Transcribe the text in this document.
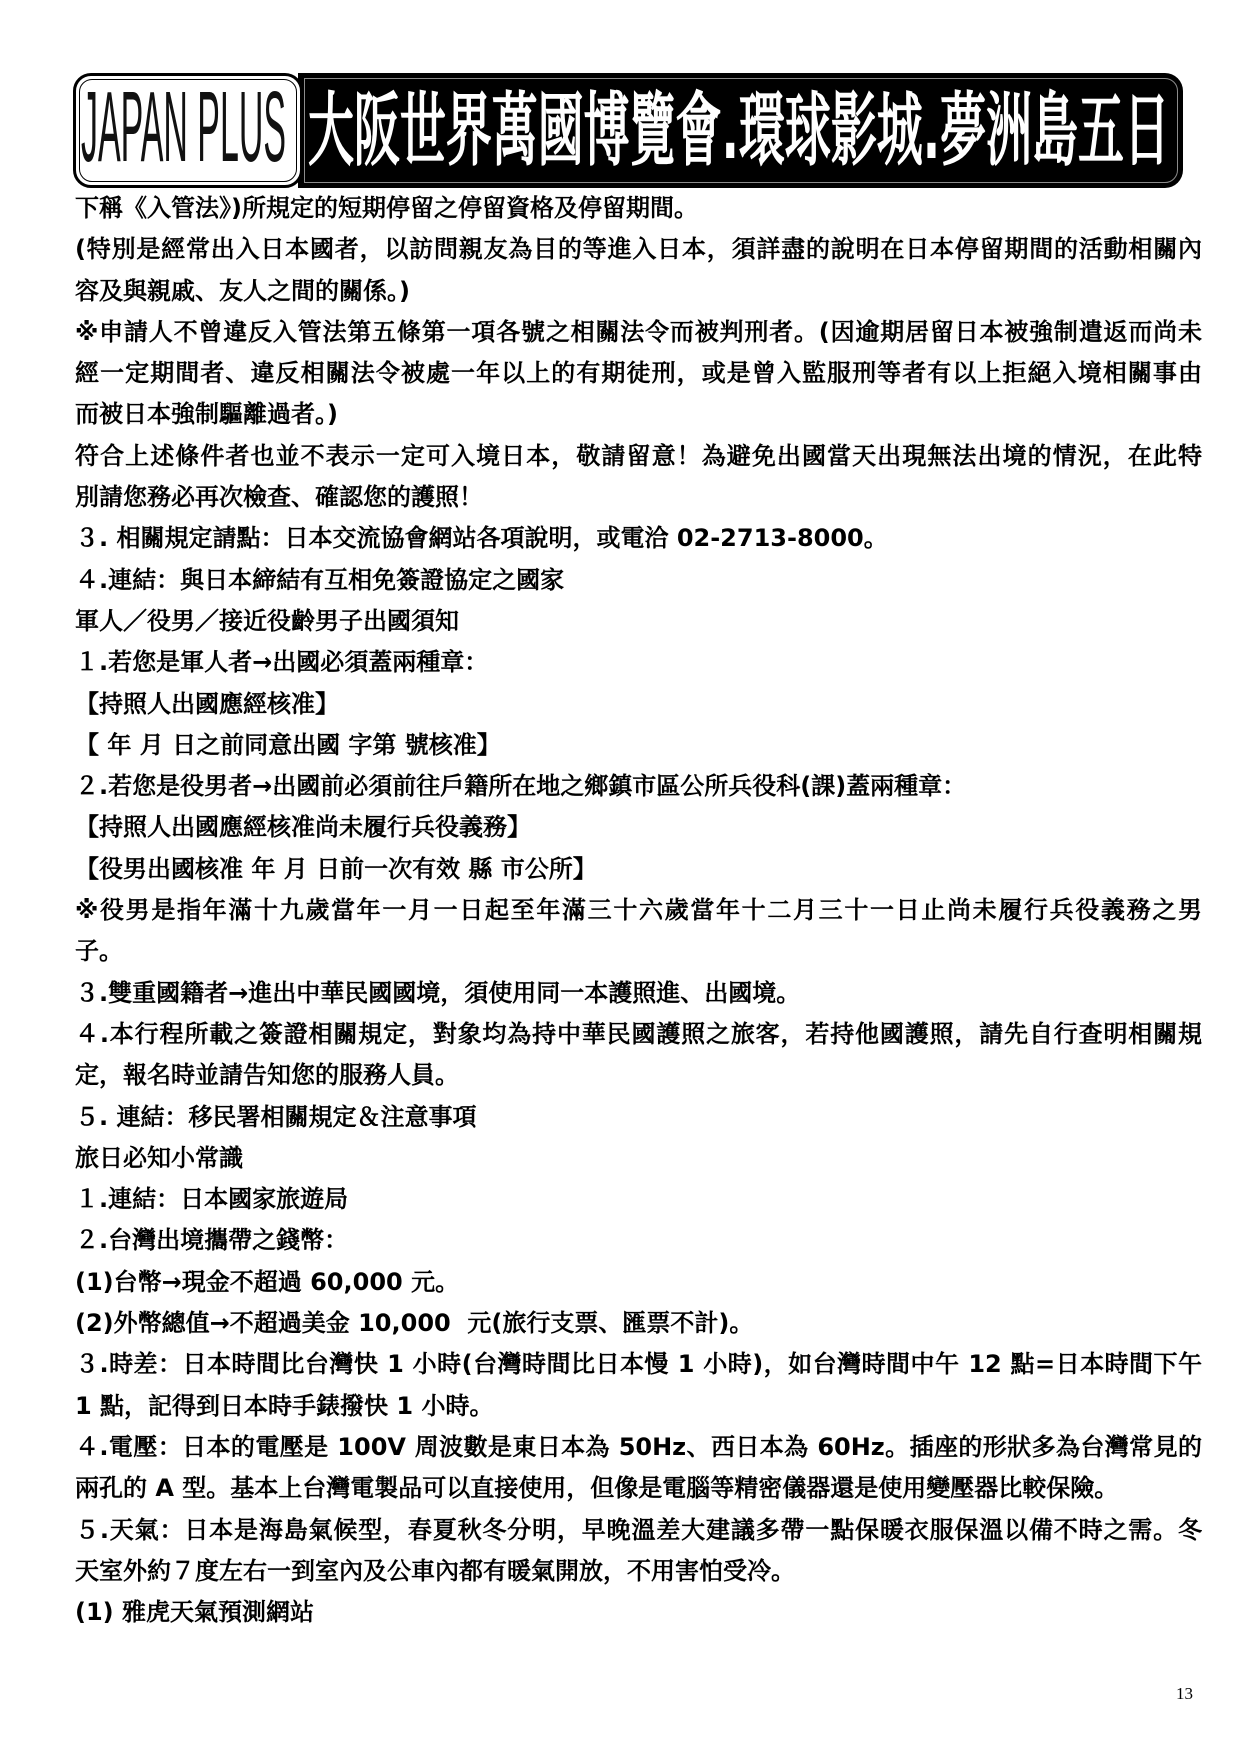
JAPAN PLUS 大阪世界萬國博覽會.環球影城.夢洲島五日
下稱《入管法》)所規定的短期停留之停留資格及停留期間。
(特別是經常出入日本國者，以訪問親友為目的等進入日本，須詳盡的說明在日本停留期間的活動相關內
容及與親戚、友人之間的關係。)
※申請人不曾違反入管法第五條第一項各號之相關法令而被判刑者。(因逾期居留日本被強制遣返而尚未
經一定期間者、違反相關法令被處一年以上的有期徒刑，或是曾入監服刑等者有以上拒絕入境相關事由
而被日本強制驅離過者。)
符合上述條件者也並不表示一定可入境日本，敬請留意！為避免出國當天出現無法出境的情況，在此特
別請您務必再次檢查、確認您的護照！
３. 相關規定請點：日本交流協會網站各項說明，或電洽 02-2713-8000。
４.連結：與日本締結有互相免簽證協定之國家
軍人／役男／接近役齡男子出國須知
１.若您是軍人者→出國必須蓋兩種章：
【持照人出國應經核准】
【 年 月 日之前同意出國 字第 號核准】
２.若您是役男者→出國前必須前往戶籍所在地之鄉鎮市區公所兵役科(課)蓋兩種章：
【持照人出國應經核准尚未履行兵役義務】
【役男出國核准 年 月 日前一次有效 縣 市公所】
※役男是指年滿十九歲當年一月一日起至年滿三十六歲當年十二月三十一日止尚未履行兵役義務之男
子。
３.雙重國籍者→進出中華民國國境，須使用同一本護照進、出國境。
４.本行程所載之簽證相關規定，對象均為持中華民國護照之旅客，若持他國護照，請先自行查明相關規
定，報名時並請告知您的服務人員。
５. 連結：移民署相關規定＆注意事項
旅日必知小常識
１.連結：日本國家旅遊局
２.台灣出境攜帶之錢幣：
(1)台幣→現金不超過 60,000 元。
(2)外幣總值→不超過美金 10,000  元(旅行支票、匯票不計)。
３.時差：日本時間比台灣快 1 小時(台灣時間比日本慢 1 小時)，如台灣時間中午 12 點=日本時間下午
1 點，記得到日本時手錶撥快 1 小時。
４.電壓：日本的電壓是 100V 周波數是東日本為 50Hz、西日本為 60Hz。插座的形狀多為台灣常見的
兩孔的 A 型。基本上台灣電製品可以直接使用，但像是電腦等精密儀器還是使用變壓器比較保險。
５.天氣：日本是海島氣候型，春夏秋冬分明，早晚溫差大建議多帶一點保暖衣服保溫以備不時之需。冬
天室外約７度左右一到室內及公車內都有暖氣開放，不用害怕受冷。
(1) 雅虎天氣預測網站
13
